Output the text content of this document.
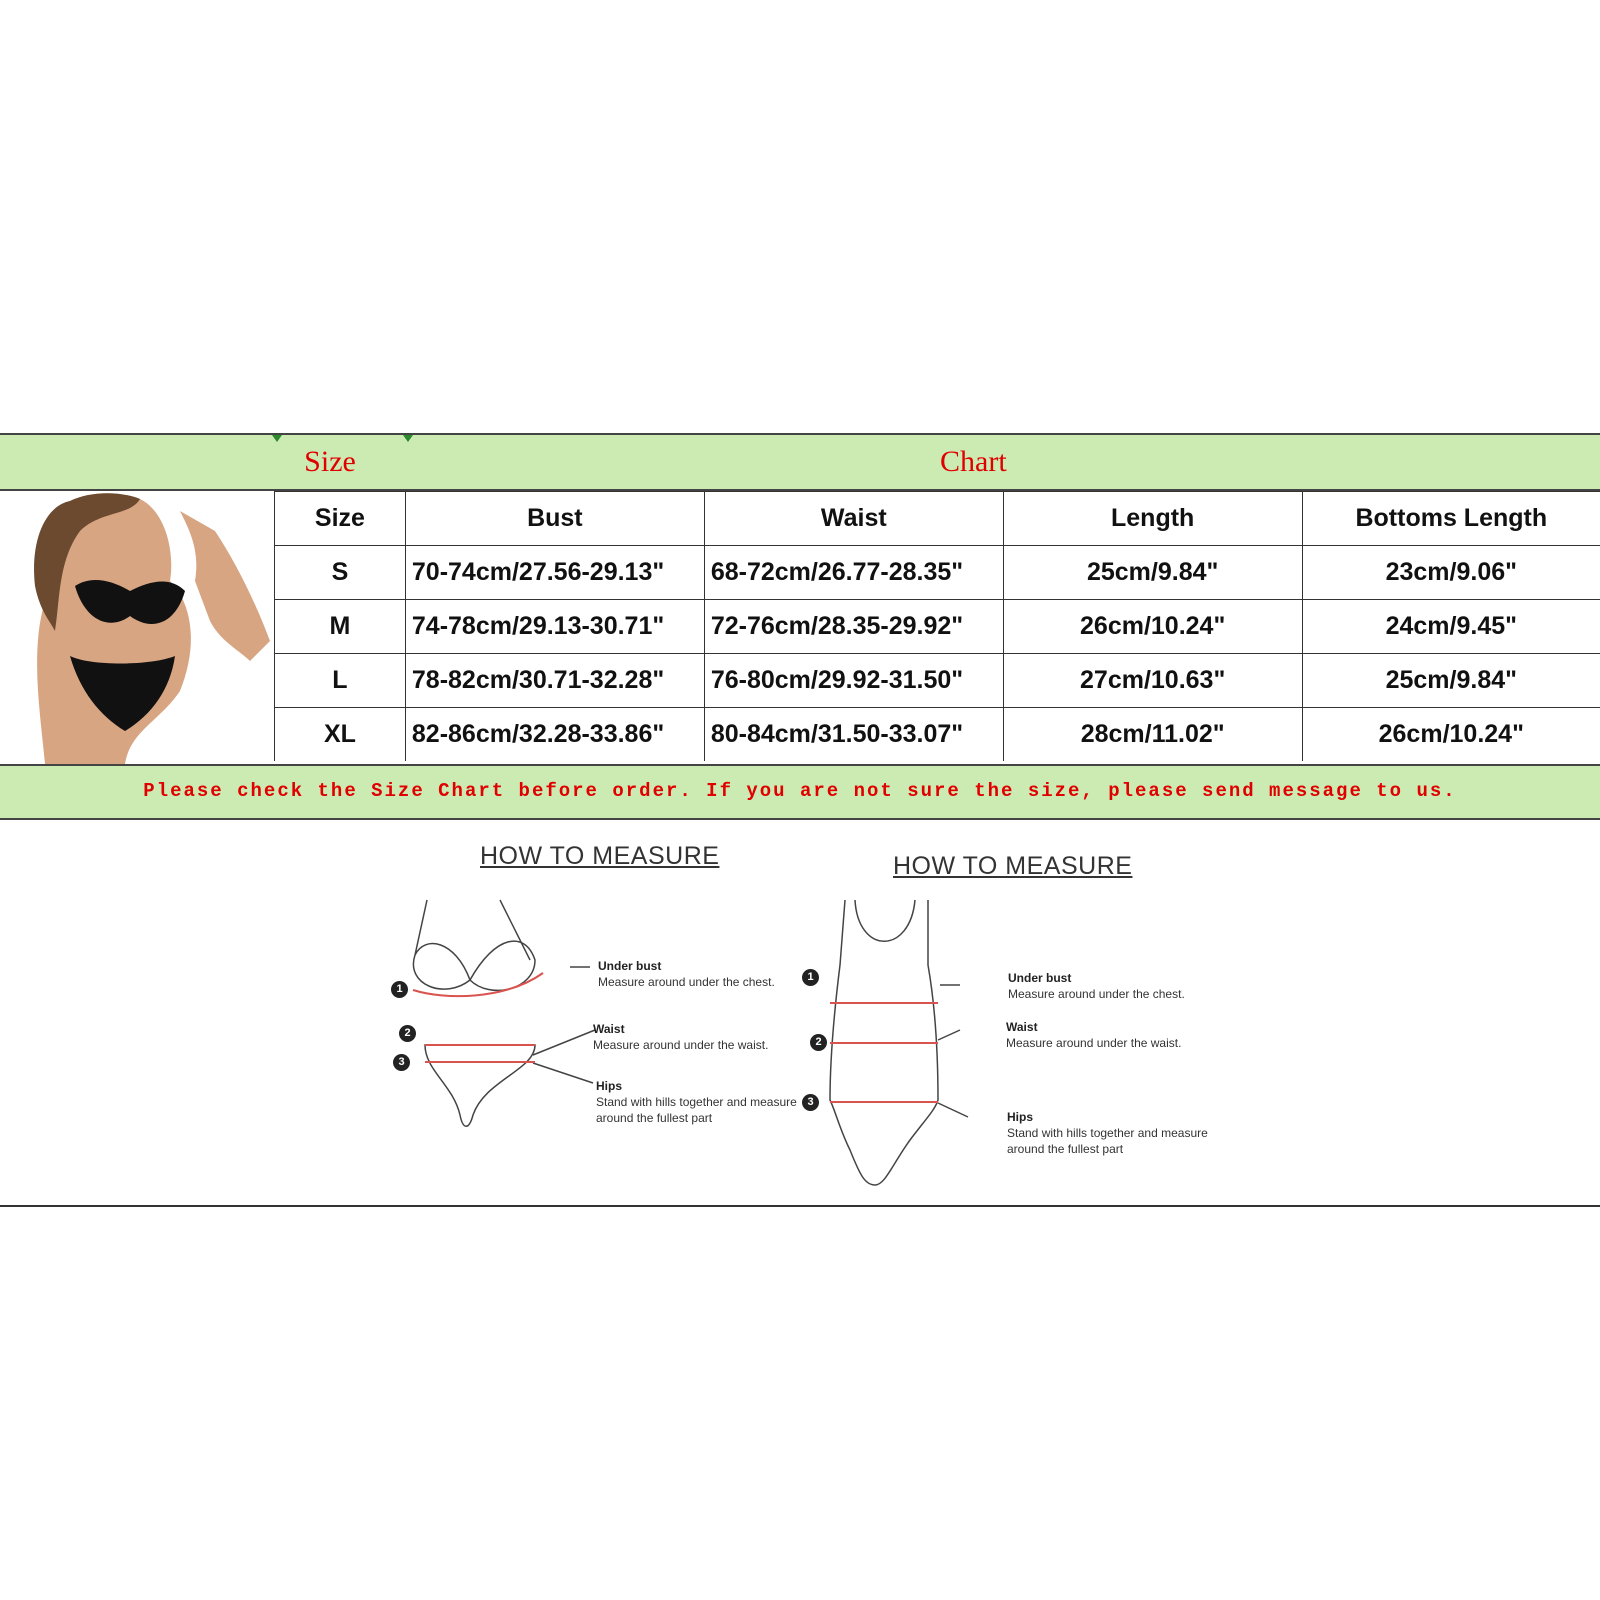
Size	Chart
Size	Bust	Waist	Length	Bottoms Length
S	70-74cm/27.56-29.13"	68-72cm/26.77-28.35"	25cm/9.84"	23cm/9.06"
M	74-78cm/29.13-30.71"	72-76cm/28.35-29.92"	26cm/10.24"	24cm/9.45"
L	78-82cm/30.71-32.28"	76-80cm/29.92-31.50"	27cm/10.63"	25cm/9.84"
XL	82-86cm/32.28-33.86"	80-84cm/31.50-33.07"	28cm/11.02"	26cm/10.24"
Please check the Size Chart before order. If you are not sure the size, please send message to us.
HOW TO MEASURE
1
2
3
Under bust
Measure around under the chest.
Waist
Measure around under the waist.
Hips
Stand with hills together and measure
around the fullest part
HOW TO MEASURE
1
2
3
Under bust
Measure around under the chest.
Waist
Measure around under the waist.
Hips
Stand with hills together and measure
around the fullest part
